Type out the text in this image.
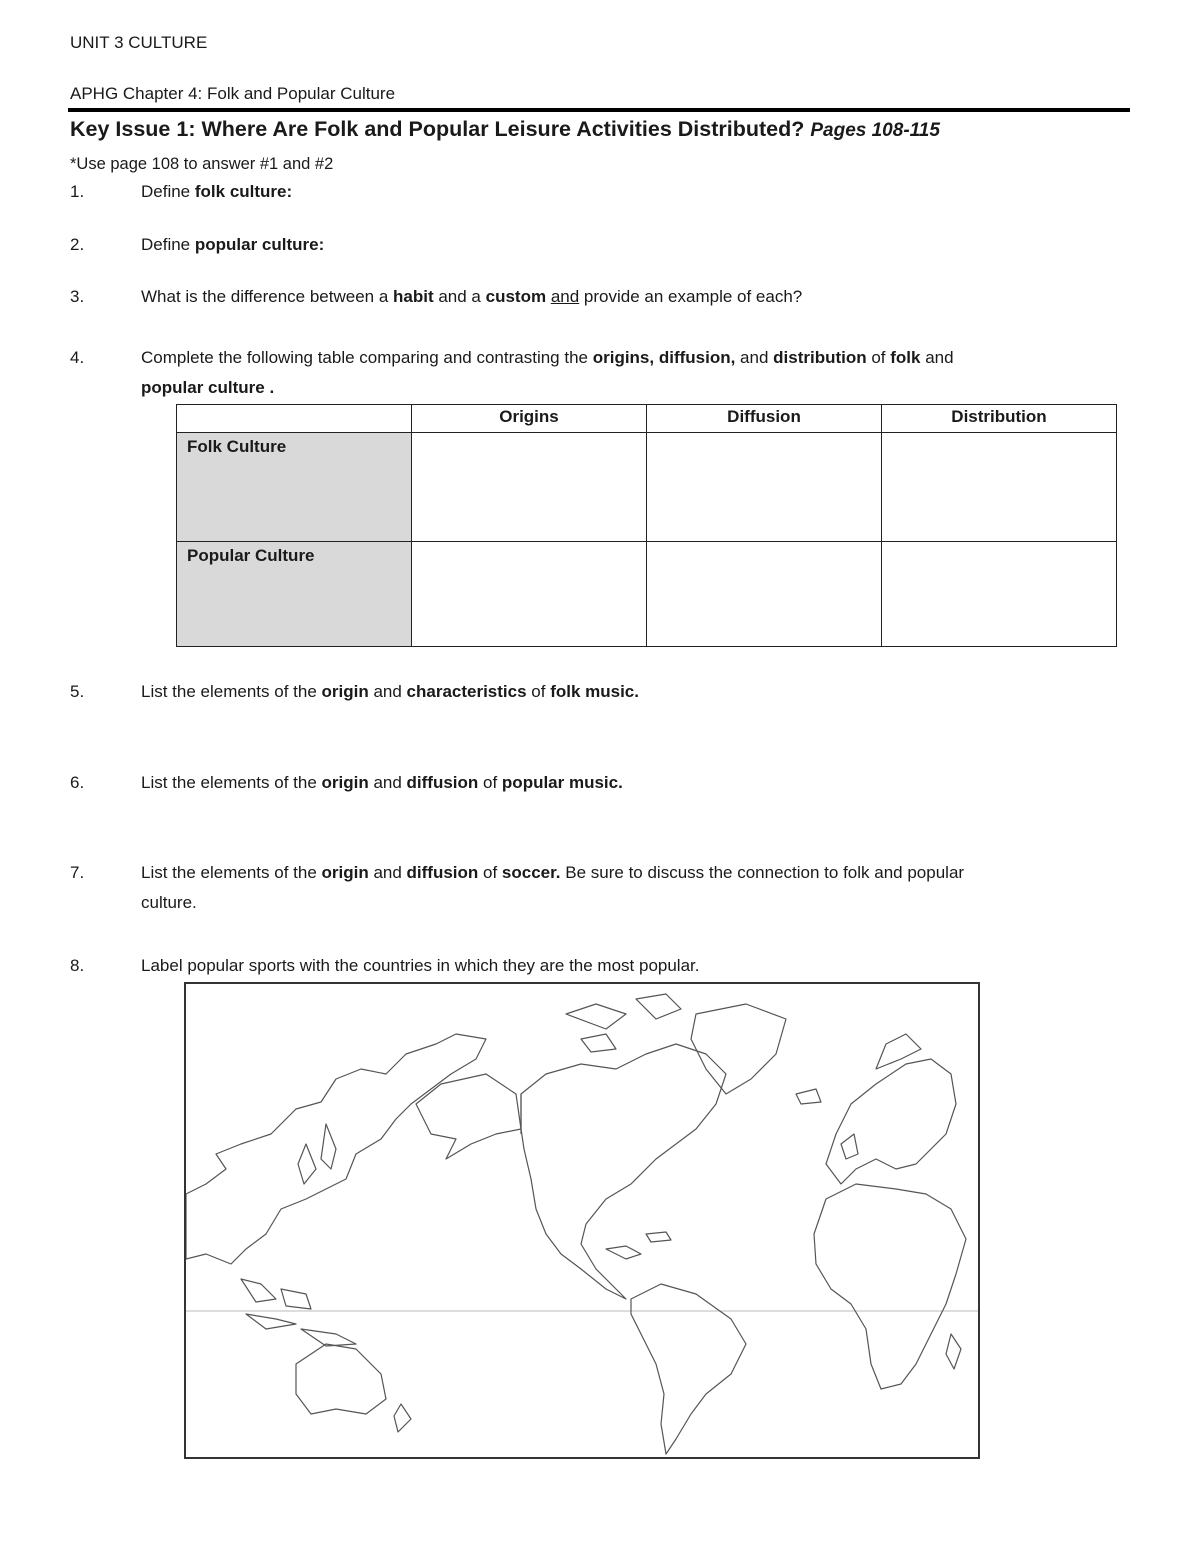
UNIT 3 CULTURE
APHG Chapter 4: Folk and Popular Culture
Key Issue 1: Where Are Folk and Popular Leisure Activities Distributed? Pages 108-115
*Use page 108 to answer #1 and #2
1.	Define folk culture:
2.	Define popular culture:
3.	What is the difference between a habit and a custom and provide an example of each?
4.	Complete the following table comparing and contrasting the origins, diffusion, and distribution of folk and
popular culture .
	Origins	Diffusion	Distribution
Folk Culture			
Popular Culture			
5.	List the elements of the origin and characteristics of folk music.
6.	List the elements of the origin and diffusion of popular music.
7.	List the elements of the origin and diffusion of soccer. Be sure to discuss the connection to folk and popular
culture.
8.	Label popular sports with the countries in which they are the most popular.
